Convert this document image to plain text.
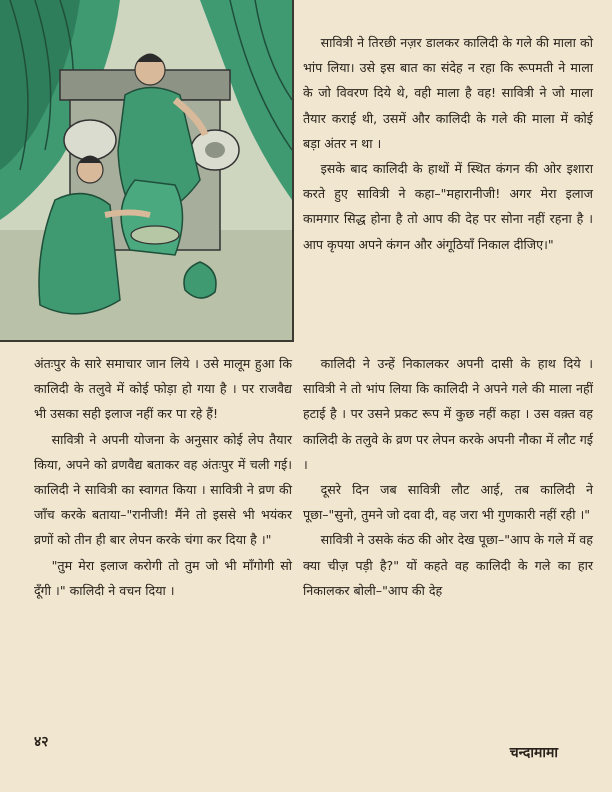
सावित्री ने तिरछी नज़र डालकर कालिदी के गले की माला को भांप लिया। उसे इस बात का संदेह न रहा कि रूपमती ने माला के जो विवरण दिये थे, वही माला है वह! सावित्री ने जो माला तैयार कराई थी, उसमें और कालिदी के गले की माला में कोई बड़ा अंतर न था ।

इसके बाद कालिदी के हाथों में स्थित कंगन की ओर इशारा करते हुए सावित्री ने कहा–"महारानीजी! अगर मेरा इलाज कामगार सिद्ध होना है तो आप की देह पर सोना नहीं रहना है । आप कृपया अपने कंगन और अंगूठियाँ निकाल दीजिए।"

अंतःपुर के सारे समाचार जान लिये । उसे मालूम हुआ कि कालिदी के तलुवे में कोई फोड़ा हो गया है । पर राजवैद्य भी उसका सही इलाज नहीं कर पा रहे हैं!

सावित्री ने अपनी योजना के अनुसार कोई लेप तैयार किया, अपने को व्रणवैद्य बताकर वह अंतःपुर में चली गई। कालिदी ने सावित्री का स्वागत किया । सावित्री ने व्रण की जाँच करके बताया–"रानीजी! मैंने तो इससे भी भयंकर व्रणों को तीन ही बार लेपन करके चंगा कर दिया है ।"

"तुम मेरा इलाज करोगी तो तुम जो भी माँगोगी सो दूँगी ।" कालिदी ने वचन दिया ।

कालिदी ने उन्हें निकालकर अपनी दासी के हाथ दिये । सावित्री ने तो भांप लिया कि कालिदी ने अपने गले की माला नहीं हटाई है । पर उसने प्रकट रूप में कुछ नहीं कहा । उस वक़्त वह कालिदी के तलुवे के व्रण पर लेपन करके अपनी नौका में लौट गई ।

दूसरे दिन जब सावित्री लौट आई, तब कालिदी ने पूछा–"सुनो, तुमने जो दवा दी, वह जरा भी गुणकारी नहीं रही ।"

सावित्री ने उसके कंठ की ओर देख पूछा–"आप के गले में वह क्या चीज़ पड़ी है?" यों कहते वह कालिदी के गले का हार निकालकर बोली–"आप की देह

४२
चन्दामामा
